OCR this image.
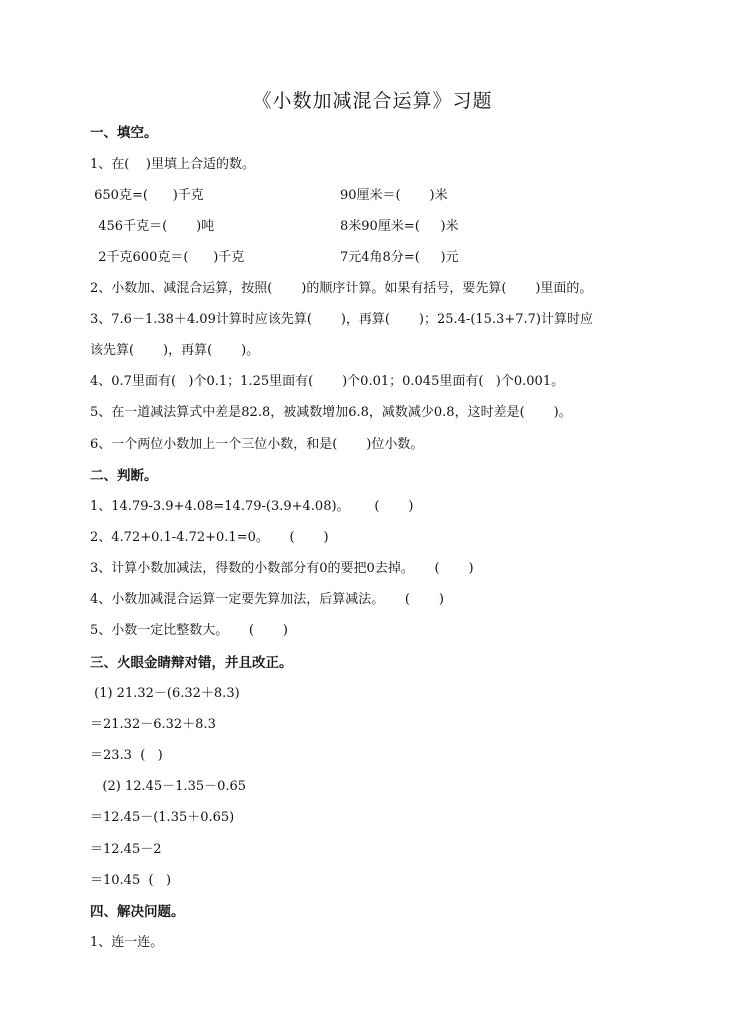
《小数加减混合运算》习题
一、填空。
1、在(    )里填上合适的数。
650克=(      )千克	90厘米＝(       )米
456千克＝(       )吨	8米90厘米=(     )米
2千克600克＝(      )千克	7元4角8分=(     )元
2、小数加、减混合运算，按照(       )的顺序计算。如果有括号，要先算(       )里面的。
3、7.6－1.38＋4.09计算时应该先算(       )，再算(       )；25.4-(15.3+7.7)计算时应
该先算(       )，再算(       )。
4、0.7里面有(   )个0.1；1.25里面有(       )个0.01；0.045里面有(   )个0.001。
5、在一道减法算式中差是82.8，被减数增加6.8，减数减少0.8，这时差是(       )。
6、一个两位小数加上一个三位小数，和是(       )位小数。
二、判断。
1、14.79-3.9+4.08=14.79-(3.9+4.08)。      (       )
2、4.72+0.1-4.72+0.1=0。     (       )
3、计算小数加减法，得数的小数部分有0的要把0去掉。     (       )
4、小数加减混合运算一定要先算加法，后算减法。     (       )
5、小数一定比整数大。     (       )
三、火眼金睛辩对错，并且改正。
(1) 21.32－(6.32＋8.3)
＝21.32－6.32＋8.3
＝23.3  (   )
(2) 12.45－1.35－0.65
＝12.45－(1.35＋0.65)
＝12.45－2
＝10.45  (   )
四、解决问题。
1、连一连。
